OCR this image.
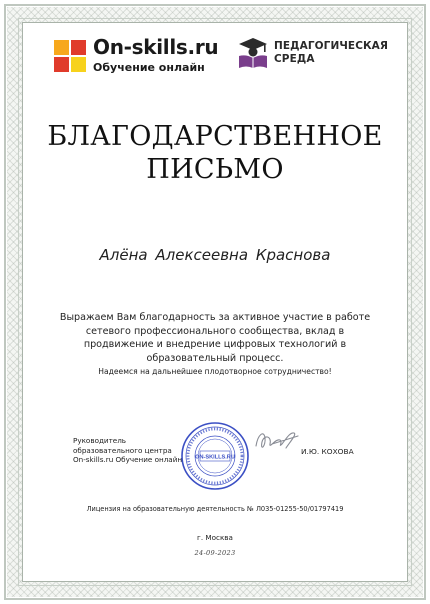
On-skills.ru
Обучение онлайн
ПЕДАГОГИЧЕСКАЯ
СРЕДА
БЛАГОДАРСТВЕННОЕ
ПИСЬМО
Алёна Алексеевна Краснова
Выражаем Вам благодарность за активное участие в работе сетевого профессионального сообщества, вклад в продвижение и внедрение цифровых технологий в образовательный процесс.
Надеемся на дальнейшее плодотворное сотрудничество!
Руководитель
образовательного центра
On-skills.ru Обучение онлайн ON-SKILLS.RU
И.Ю. КОХОВА
Лицензия на образовательную деятельность № Л035-01255-50/01797419
г. Москва
24-09-2023
